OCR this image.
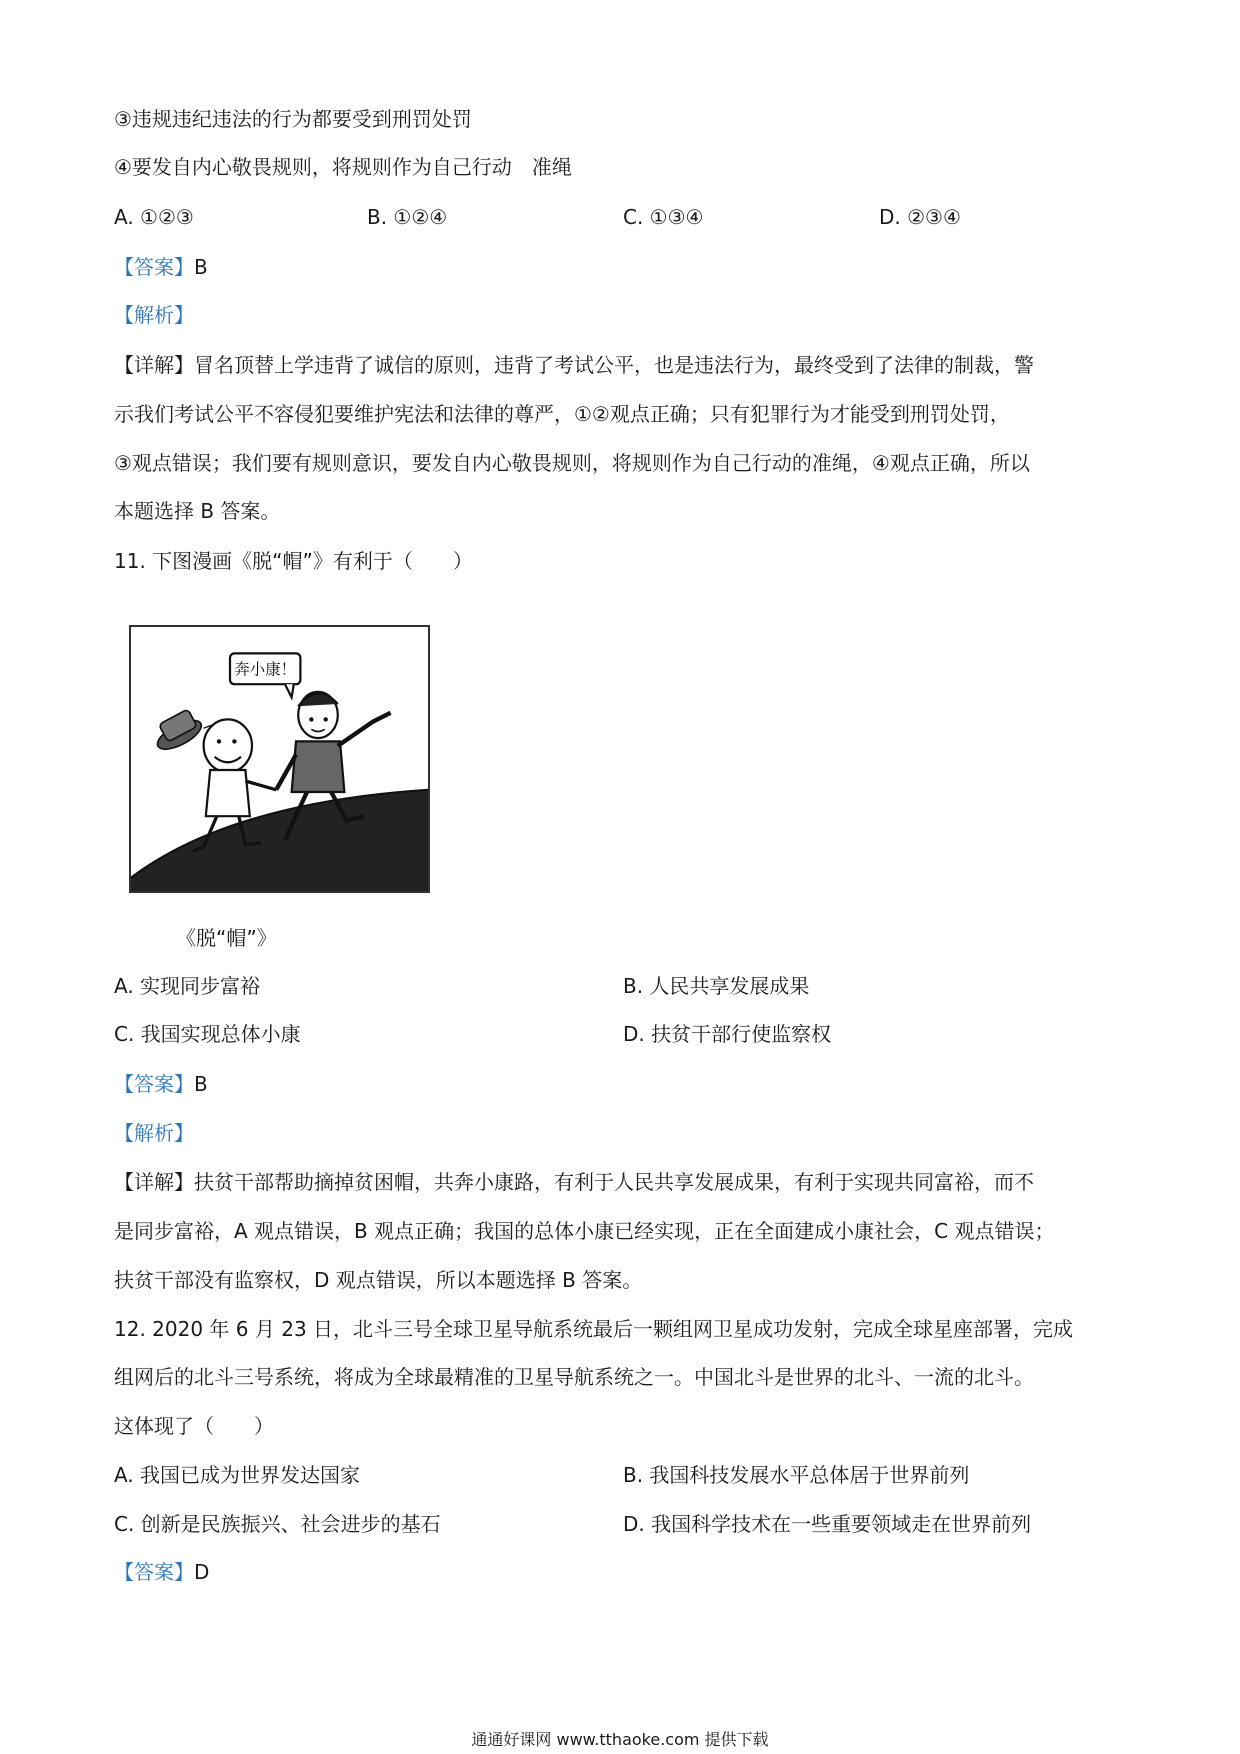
③违规违纪违法的行为都要受到刑罚处罚
④要发自内心敬畏规则，将规则作为自己行动　准绳
A. ①②③	B. ①②④	C. ①③④	D. ②③④
【答案】B
【解析】
【详解】冒名顶替上学违背了诚信的原则，违背了考试公平，也是违法行为，最终受到了法律的制裁，警
示我们考试公平不容侵犯要维护宪法和法律的尊严，①②观点正确；只有犯罪行为才能受到刑罚处罚，
③观点错误；我们要有规则意识，要发自内心敬畏规则，将规则作为自己行动的准绳，④观点正确，所以
本题选择 B 答案。
11. 下图漫画《脱“帽”》有利于（　　）
奔小康！
《脱“帽”》
A. 实现同步富裕	B. 人民共享发展成果
C. 我国实现总体小康	D. 扶贫干部行使监察权
【答案】B
【解析】
【详解】扶贫干部帮助摘掉贫困帽，共奔小康路，有利于人民共享发展成果，有利于实现共同富裕，而不
是同步富裕，A 观点错误，B 观点正确；我国的总体小康已经实现，正在全面建成小康社会，C 观点错误；
扶贫干部没有监察权，D 观点错误，所以本题选择 B 答案。
12. 2020 年 6 月 23 日，北斗三号全球卫星导航系统最后一颗组网卫星成功发射，完成全球星座部署，完成
组网后的北斗三号系统，将成为全球最精准的卫星导航系统之一。中国北斗是世界的北斗、一流的北斗。
这体现了（　　）
A. 我国已成为世界发达国家	B. 我国科技发展水平总体居于世界前列
C. 创新是民族振兴、社会进步的基石	D. 我国科学技术在一些重要领域走在世界前列
【答案】D
通通好课网 www.tthaoke.com 提供下载
